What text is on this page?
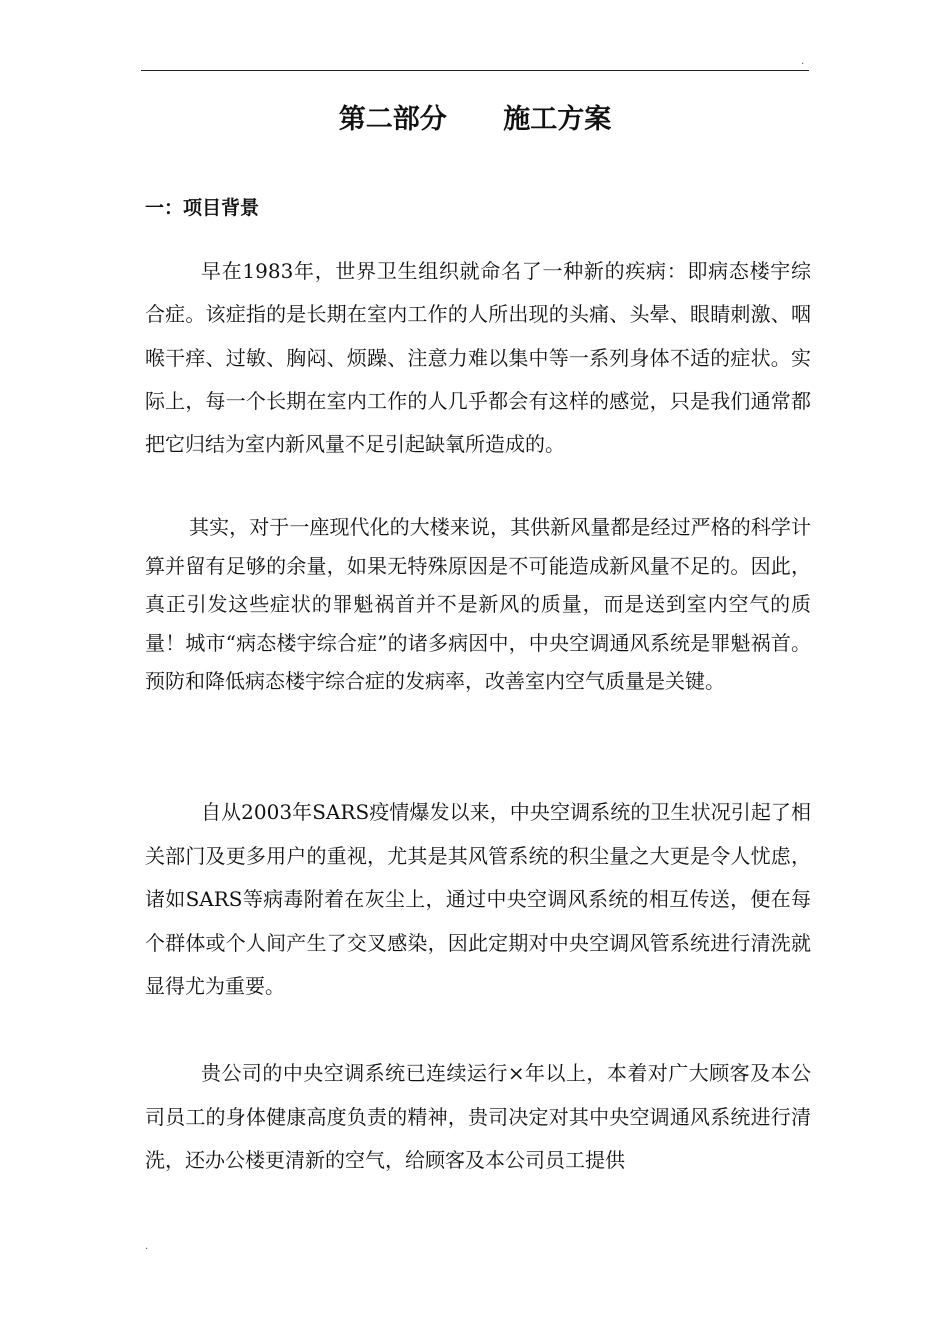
.
第二部分      施工方案
一：项目背景

早在1983年，世界卫生组织就命名了一种新的疾病：即病态楼宇综合症。该症指的是长期在室内工作的人所出现的头痛、头晕、眼睛刺激、咽喉干痒、过敏、胸闷、烦躁、注意力难以集中等一系列身体不适的症状。实际上，每一个长期在室内工作的人几乎都会有这样的感觉，只是我们通常都把它归结为室内新风量不足引起缺氧所造成的。

其实，对于一座现代化的大楼来说，其供新风量都是经过严格的科学计算并留有足够的余量，如果无特殊原因是不可能造成新风量不足的。因此，真正引发这些症状的罪魁祸首并不是新风的质量，而是送到室内空气的质量！城市“病态楼宇综合症”的诸多病因中，中央空调通风系统是罪魁祸首。预防和降低病态楼宇综合症的发病率，改善室内空气质量是关键。

自从2003年SARS疫情爆发以来，中央空调系统的卫生状况引起了相关部门及更多用户的重视，尤其是其风管系统的积尘量之大更是令人忧虑，诸如SARS等病毒附着在灰尘上，通过中央空调风系统的相互传送，便在每个群体或个人间产生了交叉感染，因此定期对中央空调风管系统进行清洗就显得尤为重要。

贵公司的中央空调系统已连续运行×年以上，本着对广大顾客及本公司员工的身体健康高度负责的精神，贵司决定对其中央空调通风系统进行清洗，还办公楼更清新的空气，给顾客及本公司员工提供

.
